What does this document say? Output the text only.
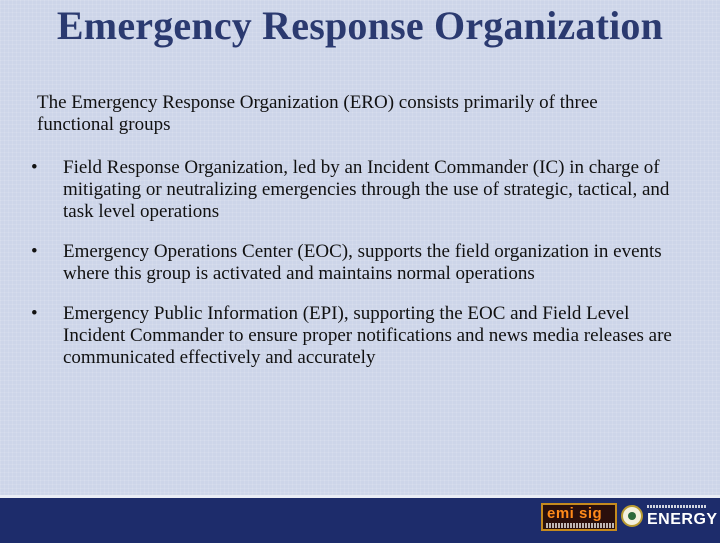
Emergency Response Organization

The Emergency Response Organization (ERO) consists primarily of three functional groups

• Field Response Organization, led by an Incident Commander (IC) in charge of mitigating or neutralizing emergencies through the use of strategic, tactical, and task level operations
• Emergency Operations Center (EOC), supports the field organization in events where this group is activated and maintains normal operations
• Emergency Public Information (EPI), supporting the EOC and Field Level Incident Commander to ensure proper notifications and news media releases are communicated effectively and accurately
emi sig	ENERGY
